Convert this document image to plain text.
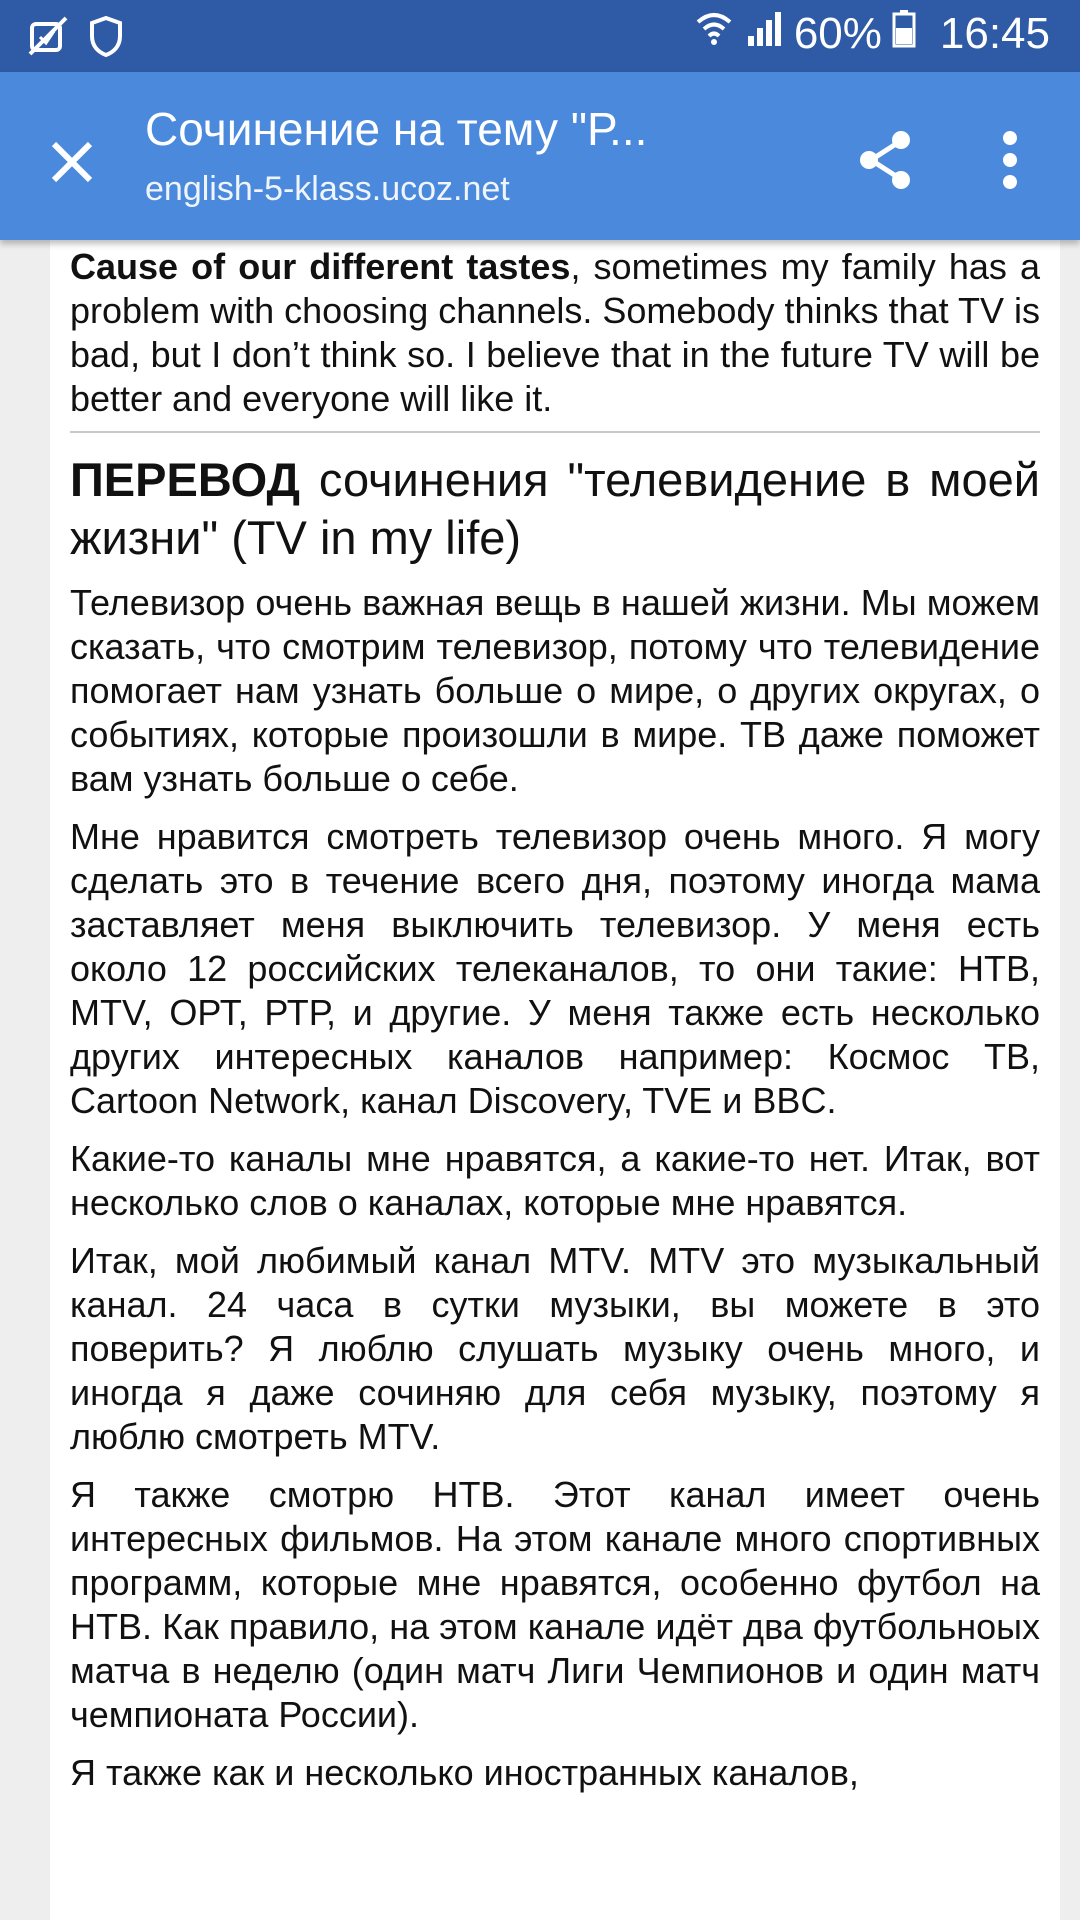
60% 16:45
Сочинение на тему "Р...
english-5-klass.ucoz.net

Cause of our different tastes, sometimes my family has a problem with choosing channels. Somebody thinks that TV is bad, but I don’t think so. I believe that in the future TV will be better and everyone will like it.

ПЕРЕВОД сочинения "телевидение в моей жизни" (TV in my life)

Телевизор очень важная вещь в нашей жизни. Мы можем сказать, что смотрим телевизор, потому что телевидение помогает нам узнать больше о мире, о других округах, о событиях, которые произошли в мире. ТВ даже поможет вам узнать больше о себе.

Мне нравится смотреть телевизор очень много. Я могу сделать это в течение всего дня, поэтому иногда мама заставляет меня выключить телевизор. У меня есть около 12 российских телеканалов, то они такие: НТВ, MTV, ОРТ, РТР, и другие. У меня также есть несколько других интересных каналов например: Космос ТВ, Cartoon Network, канал Discovery, TVE и BBC.

Какие-то каналы мне нравятся, а какие-то нет. Итак, вот несколько слов о каналах, которые мне нравятся.

Итак, мой любимый канал MTV. MTV это музыкальный канал. 24 часа в сутки музыки, вы можете в это поверить? Я люблю слушать музыку очень много, и иногда я даже сочиняю для себя музыку, поэтому я люблю смотреть MTV.

Я также смотрю НТВ. Этот канал имеет очень интересных фильмов. На этом канале много спортивных программ, которые мне нравятся, особенно футбол на НТВ. Как правило, на этом канале идёт два футбольноых матча в неделю (один матч Лиги Чемпионов и один матч чемпионата России).

Я также как и несколько иностранных каналов,
